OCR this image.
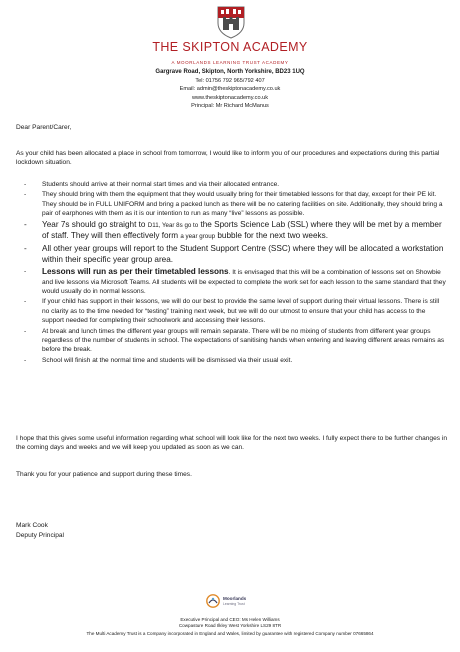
THE SKIPTON ACADEMY
A MOORLANDS LEARNING TRUST ACADEMY
Gargrave Road, Skipton, North Yorkshire, BD23 1UQ
Tel: 01756 792 965/792 407
Email: admin@theskiptonacademy.co.uk
www.theskiptonacademy.co.uk
Principal: Mr Richard McManus
Dear Parent/Carer,
As your child has been allocated a place in school from tomorrow, I would like to inform you of our procedures and expectations during this partial lockdown situation.
- Students should arrive at their normal start times and via their allocated entrance.
- They should bring with them the equipment that they would usually bring for their timetabled lessons for that day, except for their PE kit. They should be in FULL UNIFORM and bring a packed lunch as there will be no catering facilities on site. Additionally, they should bring a pair of earphones with them as it is our intention to run as many “live” lessons as possible.
- Year 7s should go straight to D11, Year 8s go to the Sports Science Lab (SSL) where they will be met by a member of staff. They will then effectively form a year group bubble for the next two weeks.
- All other year groups will report to the Student Support Centre (SSC) where they will be allocated a workstation within their specific year group area.
- Lessons will run as per their timetabled lessons. It is envisaged that this will be a combination of lessons set on Showbie and live lessons via Microsoft Teams. All students will be expected to complete the work set for each lesson to the same standard that they would usually do in normal lessons.
- If your child has support in their lessons, we will do our best to provide the same level of support during their virtual lessons. There is still no clarity as to the time needed for “testing” training next week, but we will do our utmost to ensure that your child has access to the support needed for completing their schoolwork and accessing their lessons.
- At break and lunch times the different year groups will remain separate. There will be no mixing of students from different year groups regardless of the number of students in school. The expectations of sanitising hands when entering and leaving different areas remains as before the break.
- School will finish at the normal time and students will be dismissed via their usual exit.
I hope that this gives some useful information regarding what school will look like for the next two weeks. I fully expect there to be further changes in the coming days and weeks and we will keep you updated as soon as we can.
Thank you for your patience and support during these times.
Mark Cook
Deputy Principal
Moorlands
Learning Trust
Executive Principal and CEO: Ms Helen Williams
Cowpasture Road Ilkley West Yorkshire LS29 8TR
The Multi Academy Trust is a Company incorporated in England and Wales, limited by guarantee with registered Company number 07665864
